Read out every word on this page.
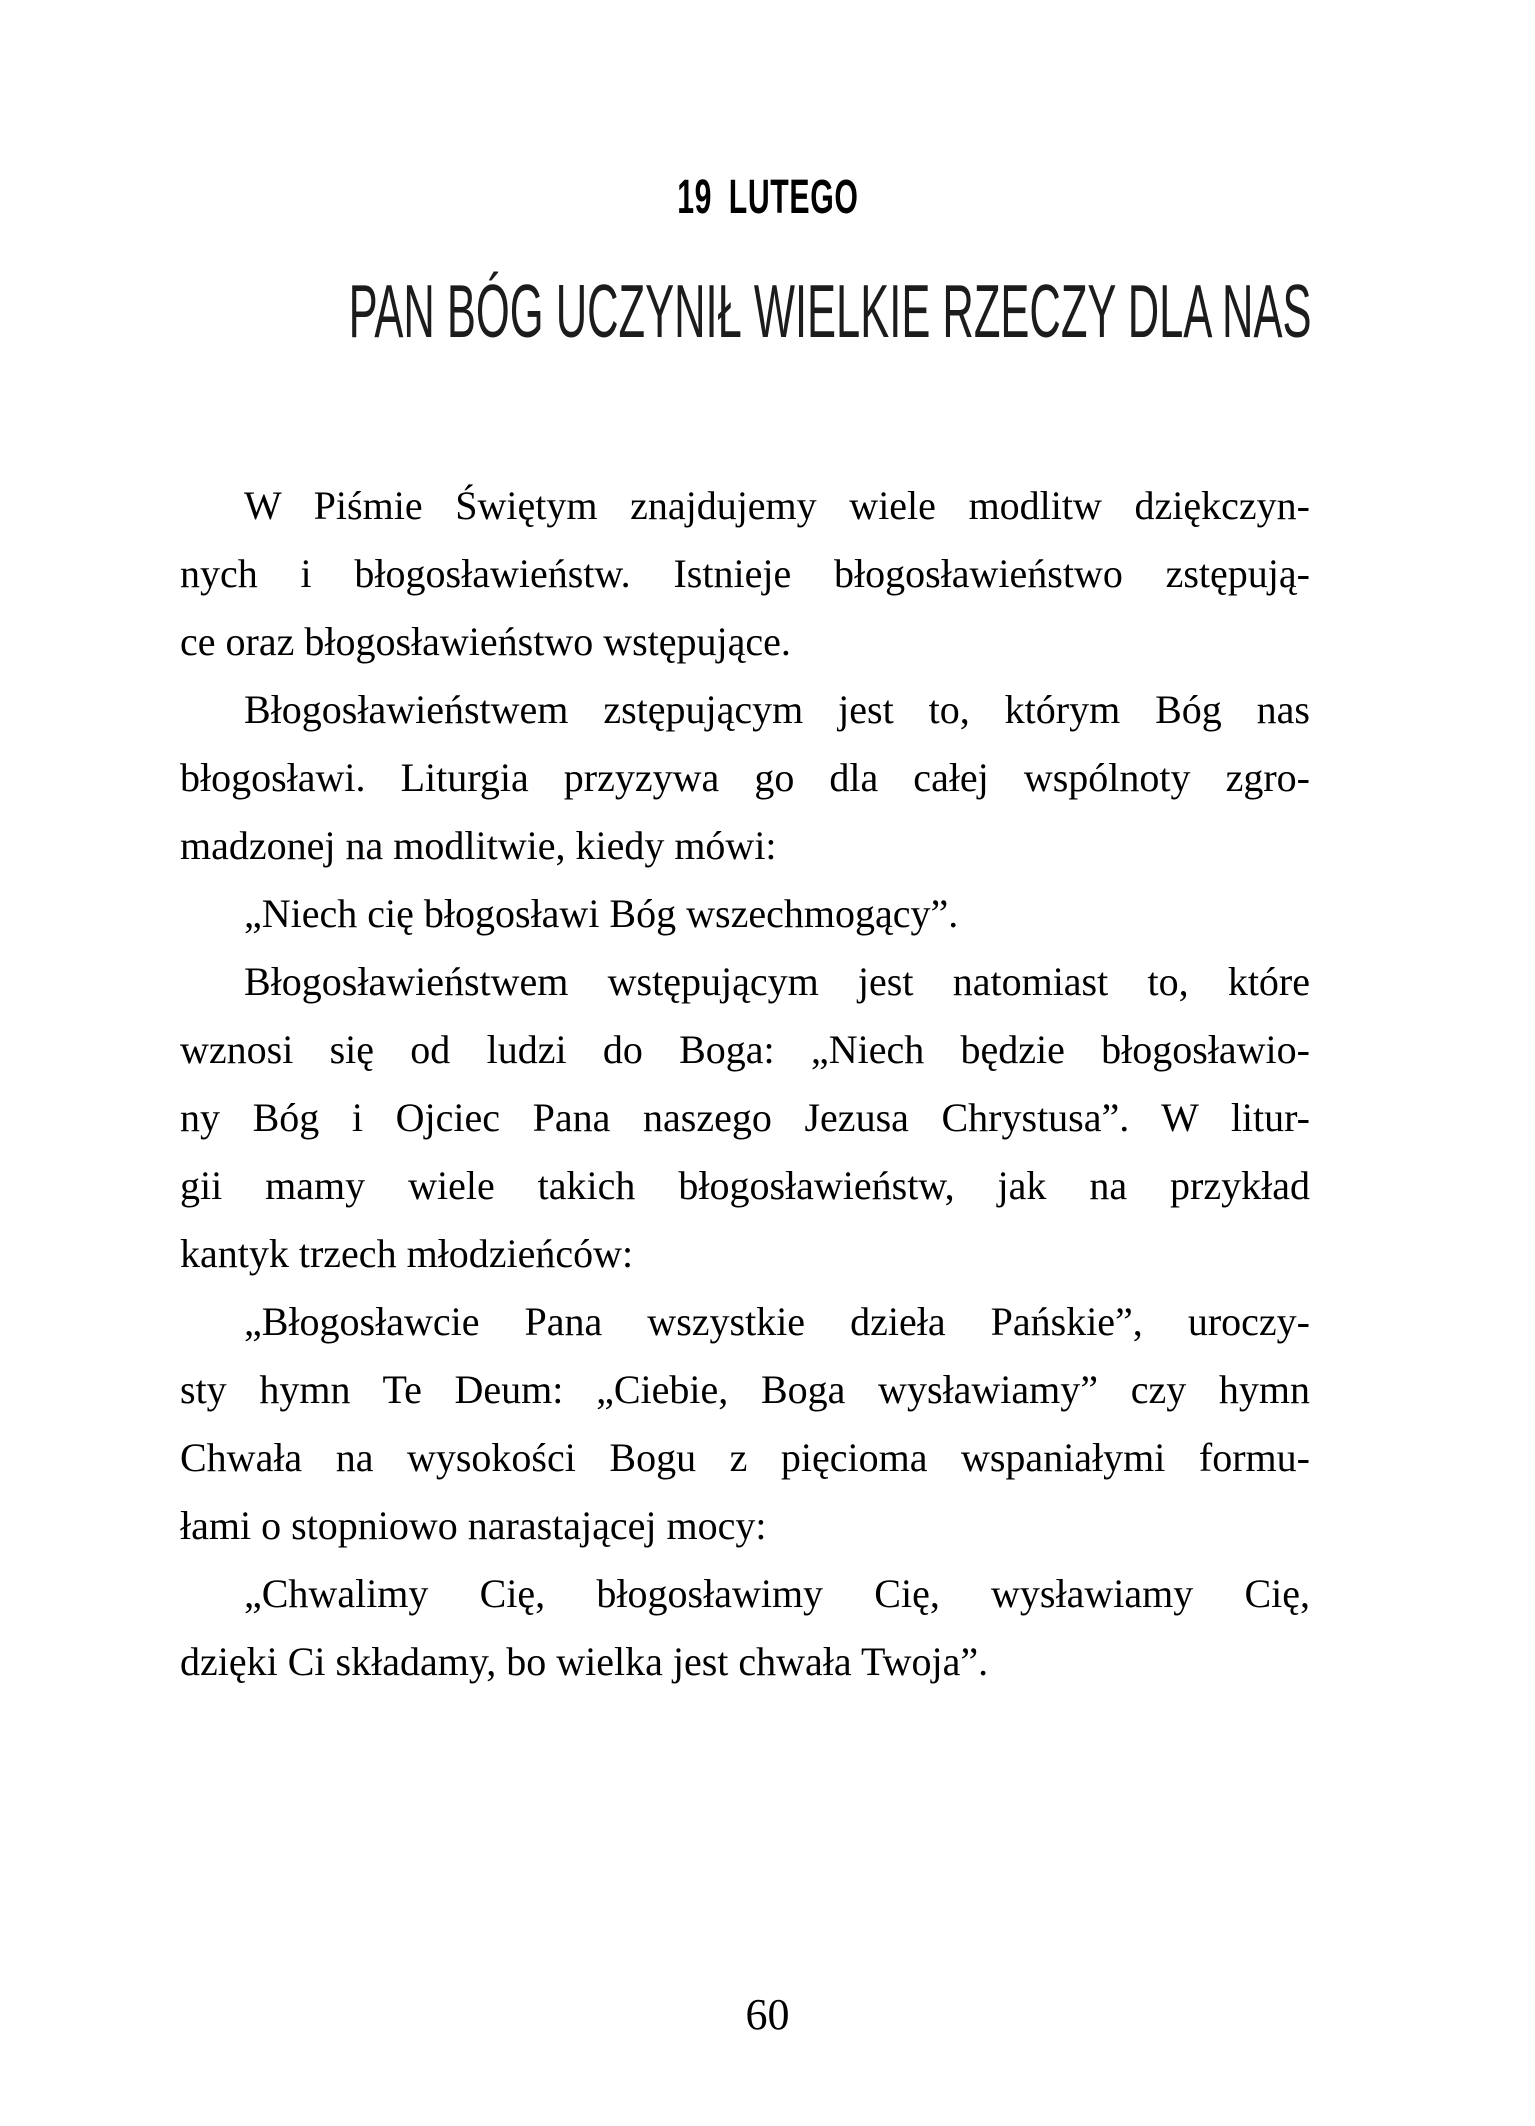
19 LUTEGO
PAN BÓG UCZYNIŁ WIELKIE RZECZY DLA NAS
W Piśmie Świętym znajdujemy wiele modlitw dziękczyn-
nych i błogosławieństw. Istnieje błogosławieństwo zstępują-
ce oraz błogosławieństwo wstępujące.
Błogosławieństwem zstępującym jest to, którym Bóg nas
błogosławi. Liturgia przyzywa go dla całej wspólnoty zgro-
madzonej na modlitwie, kiedy mówi:
„Niech cię błogosławi Bóg wszechmogący”.
Błogosławieństwem wstępującym jest natomiast to, które
wznosi się od ludzi do Boga: „Niech będzie błogosławio-
ny Bóg i Ojciec Pana naszego Jezusa Chrystusa”. W litur-
gii mamy wiele takich błogosławieństw, jak na przykład
kantyk trzech młodzieńców:
„Błogosławcie Pana wszystkie dzieła Pańskie”, uroczy-
sty hymn Te Deum: „Ciebie, Boga wysławiamy” czy hymn
Chwała na wysokości Bogu z pięcioma wspaniałymi formu-
łami o stopniowo narastającej mocy:
„Chwalimy Cię, błogosławimy Cię, wysławiamy Cię,
dzięki Ci składamy, bo wielka jest chwała Twoja”.
60
